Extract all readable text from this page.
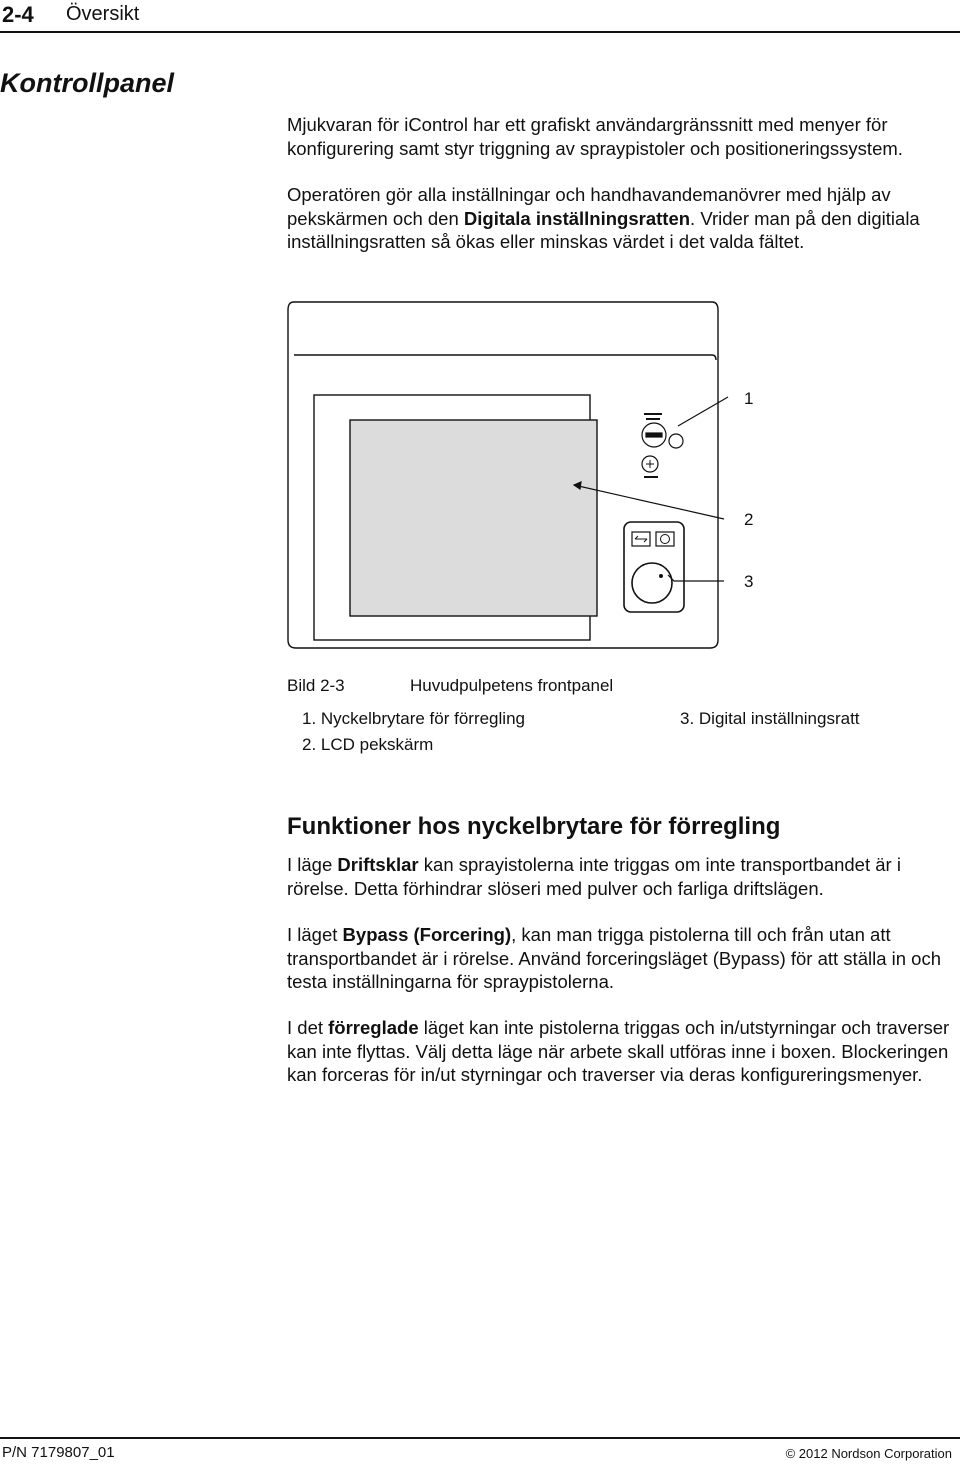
2-4 Översikt
Kontrollpanel

Mjukvaran för iControl har ett grafiskt användargränssnitt med menyer för konfigurering samt styr triggning av spraypistoler och positioneringssystem.

Operatören gör alla inställningar och handhavandemanövrer med hjälp av pekskärmen och den Digitala inställningsratten. Vrider man på den digitiala inställningsratten så ökas eller minskas värdet i det valda fältet.

1
2
3
Bild 2-3	Huvudpulpetens frontpanel
1. Nyckelbrytare för förregling
2. LCD pekskärm
3. Digital inställningsratt
Funktioner hos nyckelbrytare för förregling

I läge Driftsklar kan sprayistolerna inte triggas om inte transportbandet är i rörelse. Detta förhindrar slöseri med pulver och farliga driftslägen.

I läget Bypass (Forcering), kan man trigga pistolerna till och från utan att transportbandet är i rörelse. Använd forceringsläget (Bypass) för att ställa in och testa inställningarna för spraypistolerna.

I det förreglade läget kan inte pistolerna triggas och in/utstyrningar och traverser kan inte flyttas. Välj detta läge när arbete skall utföras inne i boxen. Blockeringen kan forceras för in/ut styrningar och traverser via deras konfigureringsmenyer.

P/N 7179807_01	© 2012 Nordson Corporation
